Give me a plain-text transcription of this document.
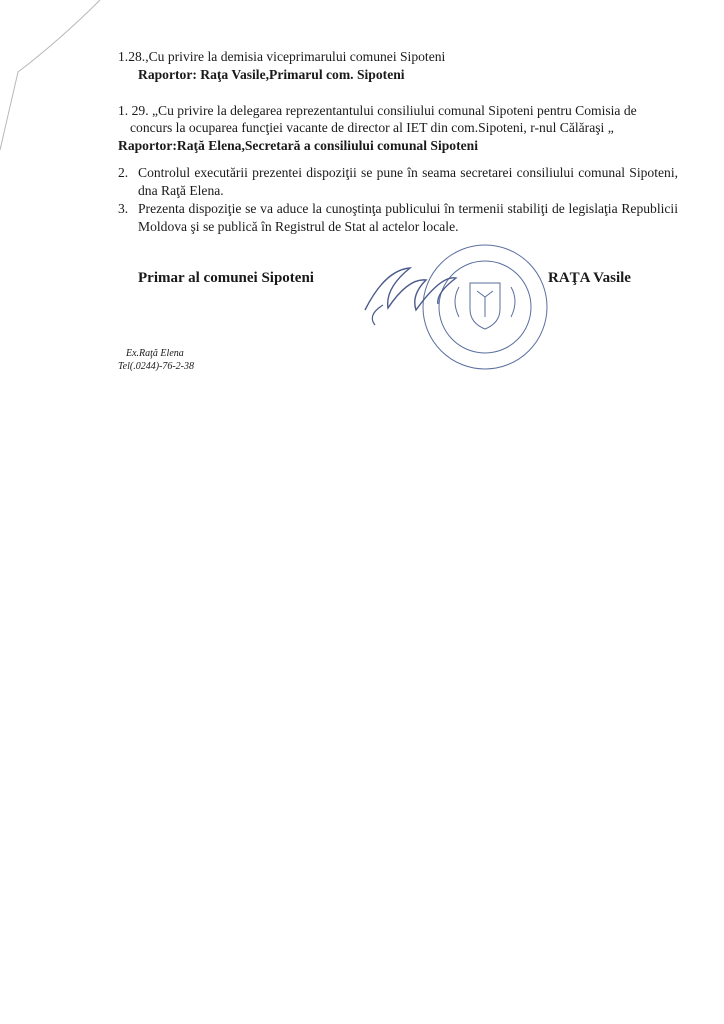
1.28.,Cu privire la demisia viceprimarului comunei Sipoteni
Raportor: Raţa Vasile,Primarul com. Sipoteni
1. 29. „Cu privire la delegarea reprezentantului consiliului comunal Sipoteni pentru Comisia de
concurs la ocuparea funcţiei vacante de director al IET din com.Sipoteni, r-nul Călăraşi „
Raportor:Raţă Elena,Secretară a consiliului comunal Sipoteni
2. Controlul executării prezentei dispoziţii se pune în seama secretarei consiliului comunal Sipoteni, dna Raţă Elena.
3. Prezenta dispoziţie se va aduce la cunoştinţa publicului în termenii stabiliţi de legislaţia Republicii Moldova şi se publică în Registrul de Stat al actelor locale.
Primar al comunei Sipoteni	RAŢA Vasile
Ex.Raţă Elena
Tel(.0244)-76-2-38
